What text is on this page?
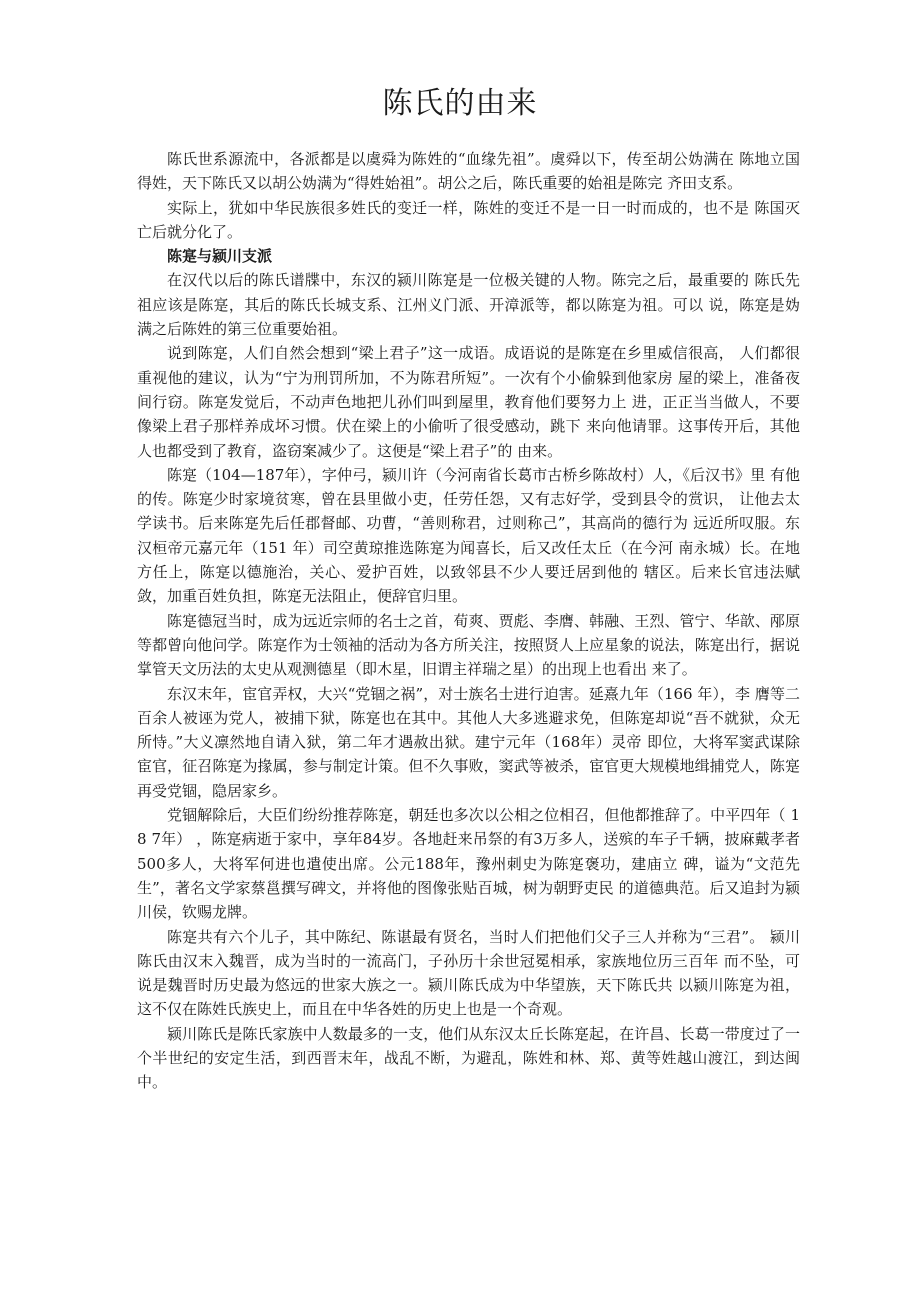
陈氏的由来

陈氏世系源流中，各派都是以虞舜为陈姓的“血缘先祖”。虞舜以下，传至胡公妫满在 陈地立国得姓，天下陈氏又以胡公妫满为“得姓始祖”。胡公之后，陈氏重要的始祖是陈完 齐田支系。

实际上，犹如中华民族很多姓氏的变迁一样，陈姓的变迁不是一日一时而成的，也不是 陈国灭亡后就分化了。

陈寔与颍川支派

在汉代以后的陈氏谱牒中，东汉的颍川陈寔是一位极关键的人物。陈完之后，最重要的 陈氏先祖应该是陈寔，其后的陈氏长城支系、江州义门派、开漳派等，都以陈寔为祖。可以 说，陈寔是妫满之后陈姓的第三位重要始祖。

说到陈寔，人们自然会想到“梁上君子”这一成语。成语说的是陈寔在乡里威信很高， 人们都很重视他的建议，认为“宁为刑罚所加，不为陈君所短”。一次有个小偷躲到他家房 屋的梁上，准备夜间行窃。陈寔发觉后，不动声色地把儿孙们叫到屋里，教育他们要努力上 进，正正当当做人，不要像梁上君子那样养成坏习惯。伏在梁上的小偷听了很受感动，跳下 来向他请罪。这事传开后，其他人也都受到了教育，盗窃案减少了。这便是“梁上君子”的 由来。

陈寔（104—187年），字仲弓，颍川许（今河南省长葛市古桥乡陈故村）人，《后汉书》里 有他的传。陈寔少时家境贫寒，曾在县里做小吏，任劳任怨，又有志好学，受到县令的赏识， 让他去太学读书。后来陈寔先后任郡督邮、功曹，“善则称君，过则称己”，其高尚的德行为 远近所叹服。东汉桓帝元嘉元年（151 年）司空黄琼推选陈寔为闻喜长，后又改任太丘（在今河 南永城）长。在地方任上，陈寔以德施治，关心、爱护百姓，以致邻县不少人要迁居到他的 辖区。后来长官违法赋敛，加重百姓负担，陈寔无法阻止，便辞官归里。

陈寔德冠当时，成为远近宗师的名士之首，荀爽、贾彪、李膺、韩融、王烈、管宁、华歆、邴原等都曾向他问学。陈寔作为士领袖的活动为各方所关注，按照贤人上应星象的说法，陈寔出行，据说掌管天文历法的太史从观测德星（即木星，旧谓主祥瑞之星）的出现上也看出 来了。

东汉末年，宦官弄权，大兴“党锢之祸”，对士族名士进行迫害。延熹九年（166 年），李 膺等二百余人被诬为党人，被捕下狱，陈寔也在其中。其他人大多逃避求免，但陈寔却说“吾不就狱，众无所恃。”大义凛然地自请入狱，第二年才遇赦出狱。建宁元年（168年）灵帝 即位，大将军窦武谋除宦官，征召陈寔为掾属，参与制定计策。但不久事败，窦武等被杀，宦官更大规模地缉捕党人，陈寔再受党锢，隐居家乡。

党锢解除后，大臣们纷纷推荐陈寔，朝廷也多次以公相之位相召，但他都推辞了。中平四年（ 1 8 7年） ，陈寔病逝于家中，享年84岁。各地赶来吊祭的有3万多人，送殡的车子千辆，披麻戴孝者500多人，大将军何进也遣使出席。公元188年，豫州刺史为陈寔褒功，建庙立 碑，谥为“文范先生”，著名文学家蔡邕撰写碑文，并将他的图像张贴百城，树为朝野吏民 的道德典范。后又追封为颍川侯，钦赐龙牌。

陈寔共有六个儿子，其中陈纪、陈谌最有贤名，当时人们把他们父子三人并称为“三君”。 颍川陈氏由汉末入魏晋，成为当时的一流高门，子孙历十余世冠冕相承，家族地位历三百年 而不坠，可说是魏晋时历史最为悠远的世家大族之一。颍川陈氏成为中华望族，天下陈氏共 以颍川陈寔为祖，这不仅在陈姓氏族史上，而且在中华各姓的历史上也是一个奇观。

颍川陈氏是陈氏家族中人数最多的一支，他们从东汉太丘长陈寔起，在许昌、长葛一带度过了一个半世纪的安定生活，到西晋末年，战乱不断，为避乱，陈姓和林、郑、黄等姓越山渡江，到达闽中。
